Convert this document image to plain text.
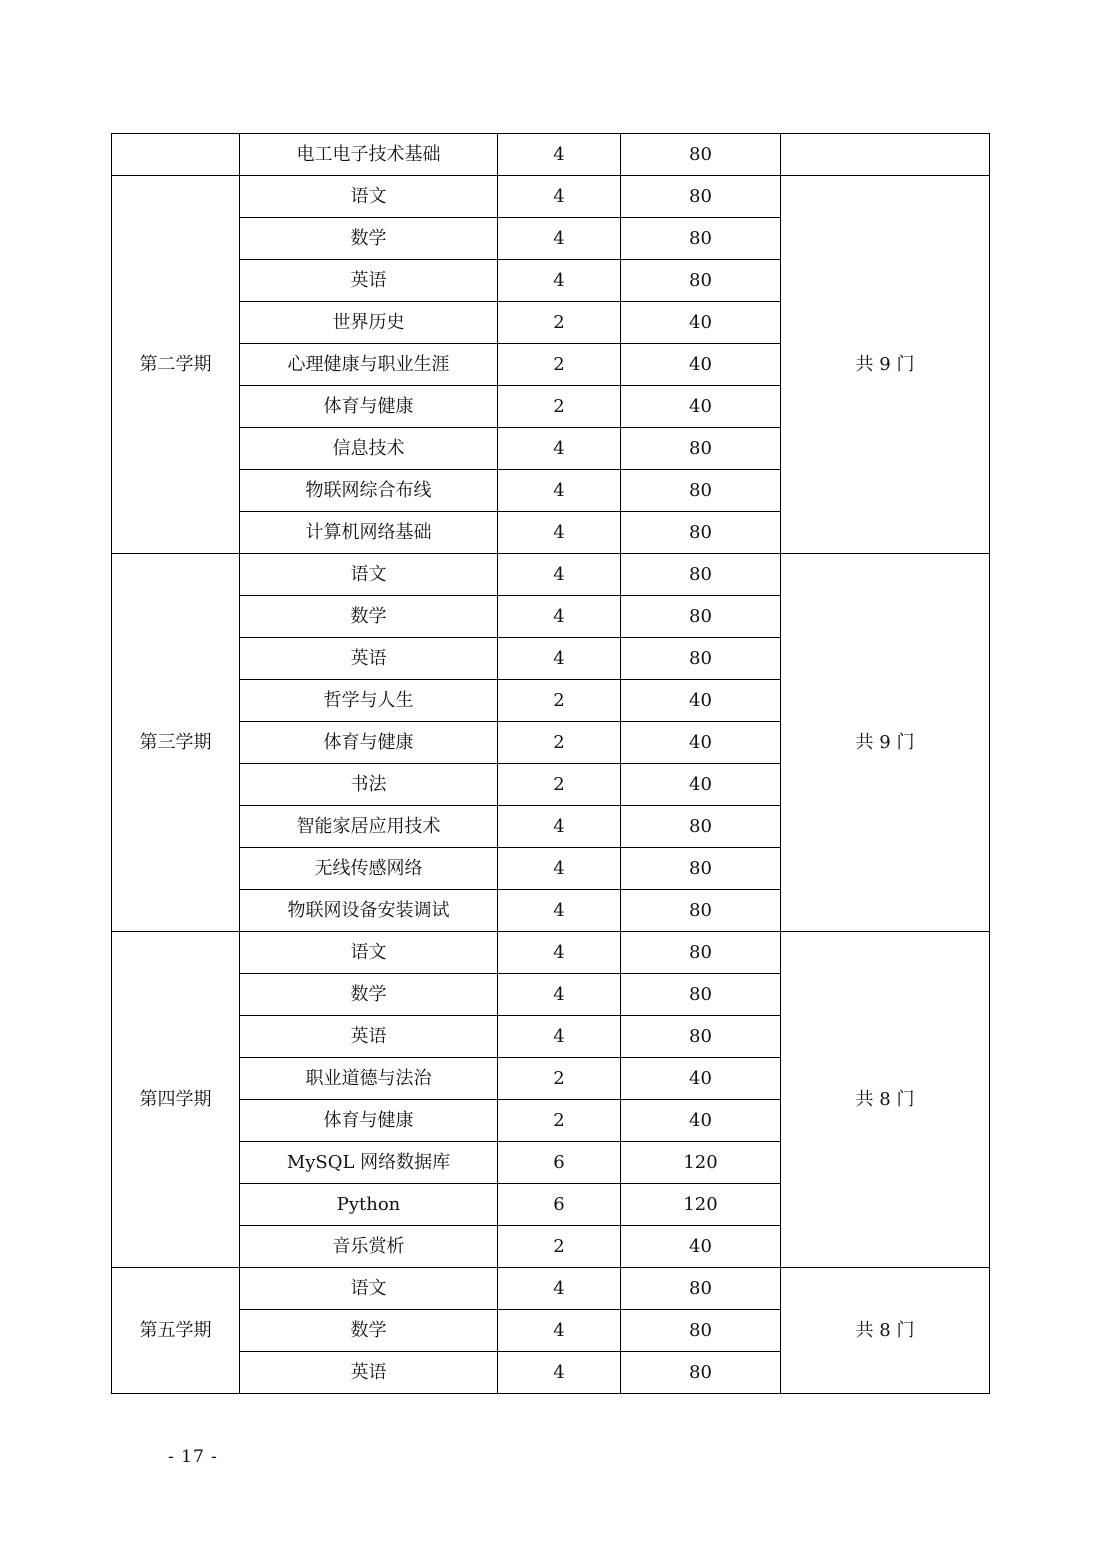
	电工电子技术基础	4	80	
第二学期	语文	4	80	共 9 门
	数学	4	80	
	英语	4	80	
	世界历史	2	40	
	心理健康与职业生涯	2	40	
	体育与健康	2	40	
	信息技术	4	80	
	物联网综合布线	4	80	
	计算机网络基础	4	80	
第三学期	语文	4	80	共 9 门
	数学	4	80	
	英语	4	80	
	哲学与人生	2	40	
	体育与健康	2	40	
	书法	2	40	
	智能家居应用技术	4	80	
	无线传感网络	4	80	
	物联网设备安装调试	4	80	
第四学期	语文	4	80	共 8 门
	数学	4	80	
	英语	4	80	
	职业道德与法治	2	40	
	体育与健康	2	40	
	MySQL 网络数据库	6	120	
	Python	6	120	
	音乐赏析	2	40	
第五学期	语文	4	80	共 8 门
	数学	4	80	
	英语	4	80	
- 17 -
